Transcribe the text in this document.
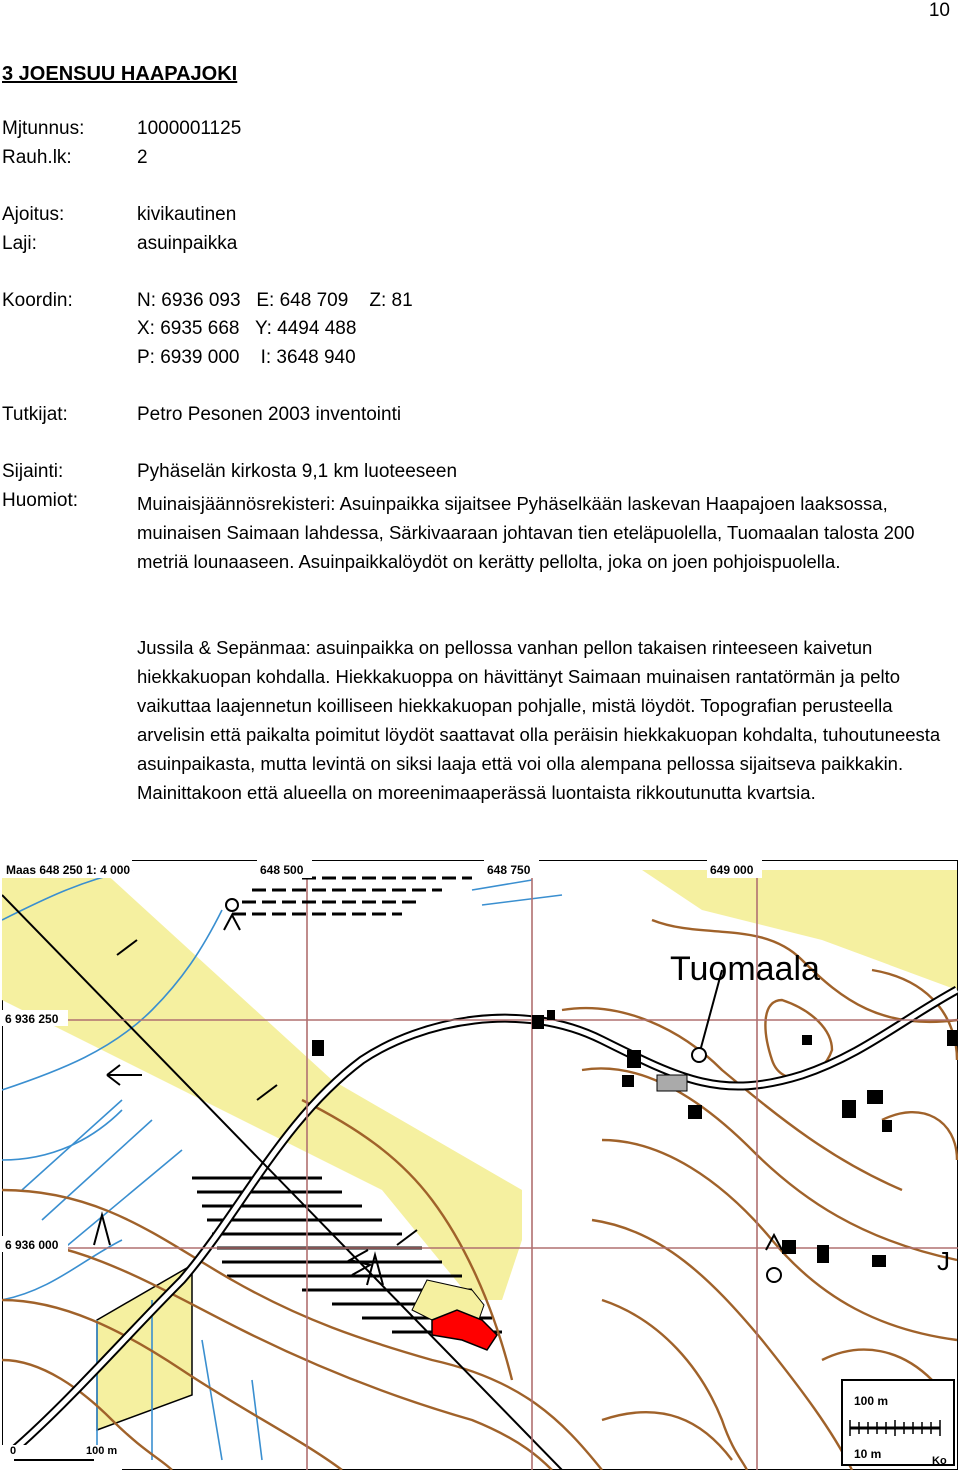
10
3 JOENSUU HAAPAJOKI
Mjtunnus:	1000001125
Rauh.lk:	2
Ajoitus:	kivikautinen
Laji:	asuinpaikka
Koordin:	N: 6936 093   E: 648 709    Z: 81
X: 6935 668   Y: 4494 488
P: 6939 000    I: 3648 940
Tutkijat:	Petro Pesonen 2003 inventointi
Sijainti:	Pyhäselän kirkosta 9,1 km luoteeseen
Huomiot:	Muinaisjäännösrekisteri: Asuinpaikka sijaitsee Pyhäselkään laskevan Haapajoen laaksossa, muinaisen Saimaan lahdessa, Särkivaaraan johtavan tien eteläpuolella, Tuomaalan talosta 200 metriä lounaaseen. Asuinpaikkalöydöt on kerätty pellolta, joka on joen pohjoispuolella.
Jussila & Sepänmaa: asuinpaikka on pellossa vanhan pellon takaisen rinteeseen kaivetun hiekkakuopan kohdalla. Hiekkakuoppa on hävittänyt Saimaan muinaisen rantatörmän ja pelto vaikuttaa laajennetun koilliseen hiekkakuopan pohjalle, mistä löydöt. Topografian perusteella arvelisin että paikalta poimitut löydöt saattavat olla peräisin hiekkakuopan kohdalta, tuhoutuneesta asuinpaikasta, mutta levintä on siksi laaja että voi olla alempana pellossa sijaitseva paikkakin. Mainittakoon että alueella on moreenimaaperässä luontaista rikkoutunutta kvartsia.
100 m
10 m
0	100 m
Ko
Maas 648 250 1: 4 000	648 500	648 750	649 000
6 936 250
6 936 000
Tuomaala
J
